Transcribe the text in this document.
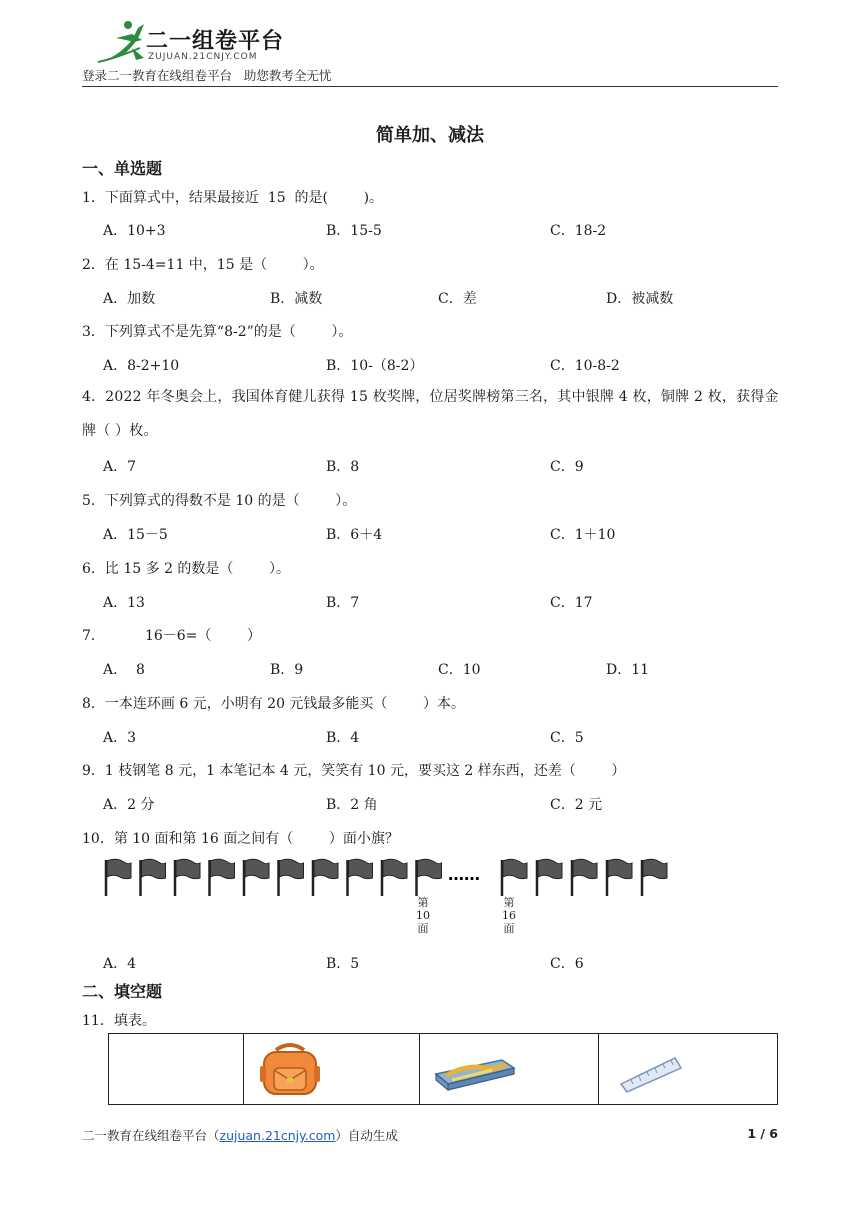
二一组卷平台
ZUJUAN.21CNJY.COM
登录二一教育在线组卷平台   助您教考全无忧
简单加、减法
一、单选题
1．下面算式中，结果最接近  15  的是(        )。
A．10+3	B．15-5	C．18-2
2．在 15-4=11 中，15 是（        ）。
A．加数	B．减数	C．差	D．被减数
3．下列算式不是先算“8-2”的是（        ）。
A．8-2+10	B．10-（8-2）	C．10-8-2
4．2022 年冬奥会上，我国体育健儿获得 15 枚奖牌，位居奖牌榜第三名，其中银牌 4 枚，铜牌 2 枚，获得金牌（ ）枚。
A．7	B．8	C．9
5．下列算式的得数不是 10 的是（        ）。
A．15－5	B．6＋4	C．1＋10
6．比 15 多 2 的数是（        ）。
A．13	B．7	C．17
7．         16－6=（        ）
A．  8	B．9	C．10	D．11
8．一本连环画 6 元，小明有 20 元钱最多能买（        ）本。
A．3	B．4	C．5
9．1 枝钢笔 8 元，1 本笔记本 4 元，笑笑有 10 元，要买这 2 样东西，还差（        ）
A．2 分	B．2 角	C．2 元
10．第 10 面和第 16 面之间有（        ）面小旗？
……
第10面
第16面
A．4	B．5	C．6
二、填空题
11．填表。

二一教育在线组卷平台（zujuan.21cnjy.com）自动生成	1 / 6
